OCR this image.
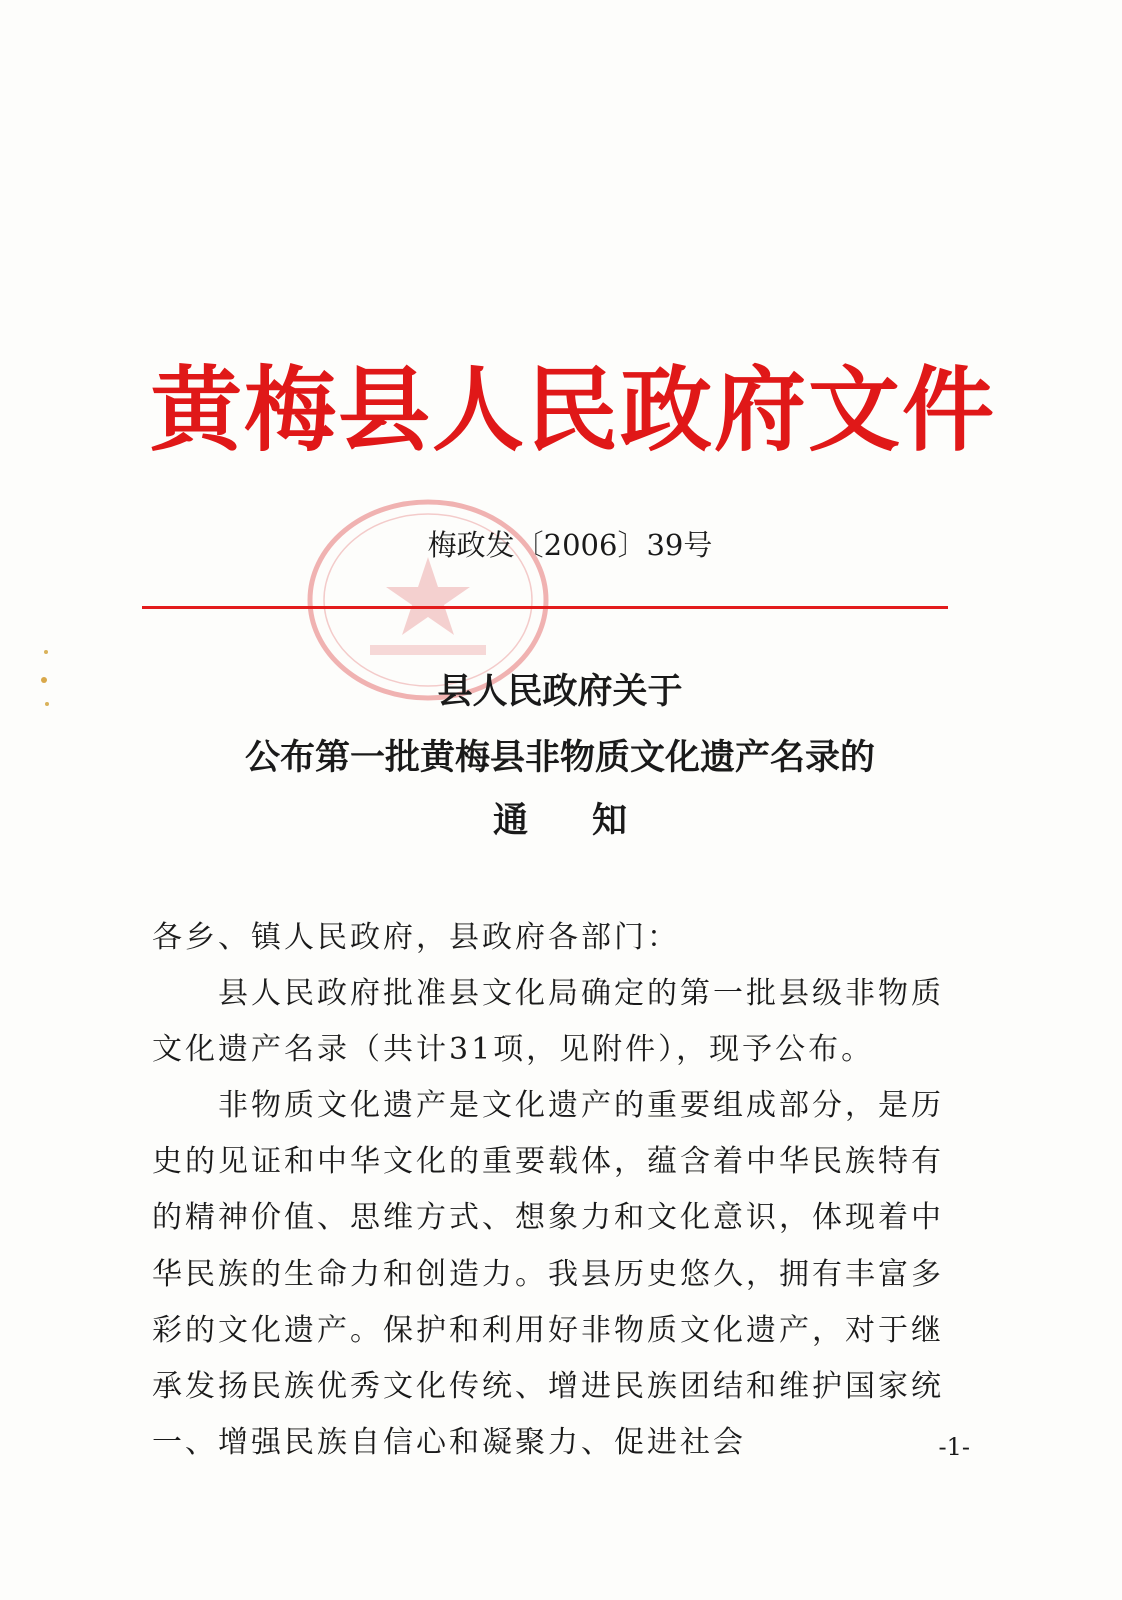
黄梅县人民政府文件
梅政发〔2006〕39号
县人民政府关于
公布第一批黄梅县非物质文化遗产名录的
通知
各乡、镇人民政府，县政府各部门：
县人民政府批准县文化局确定的第一批县级非物质文化遗产名录（共计31项，见附件），现予公布。
非物质文化遗产是文化遗产的重要组成部分，是历史的见证和中华文化的重要载体，蕴含着中华民族特有的精神价值、思维方式、想象力和文化意识，体现着中华民族的生命力和创造力。我县历史悠久，拥有丰富多彩的文化遗产。保护和利用好非物质文化遗产，对于继承发扬民族优秀文化传统、增进民族团结和维护国家统一、增强民族自信心和凝聚力、促进社会	-1-
